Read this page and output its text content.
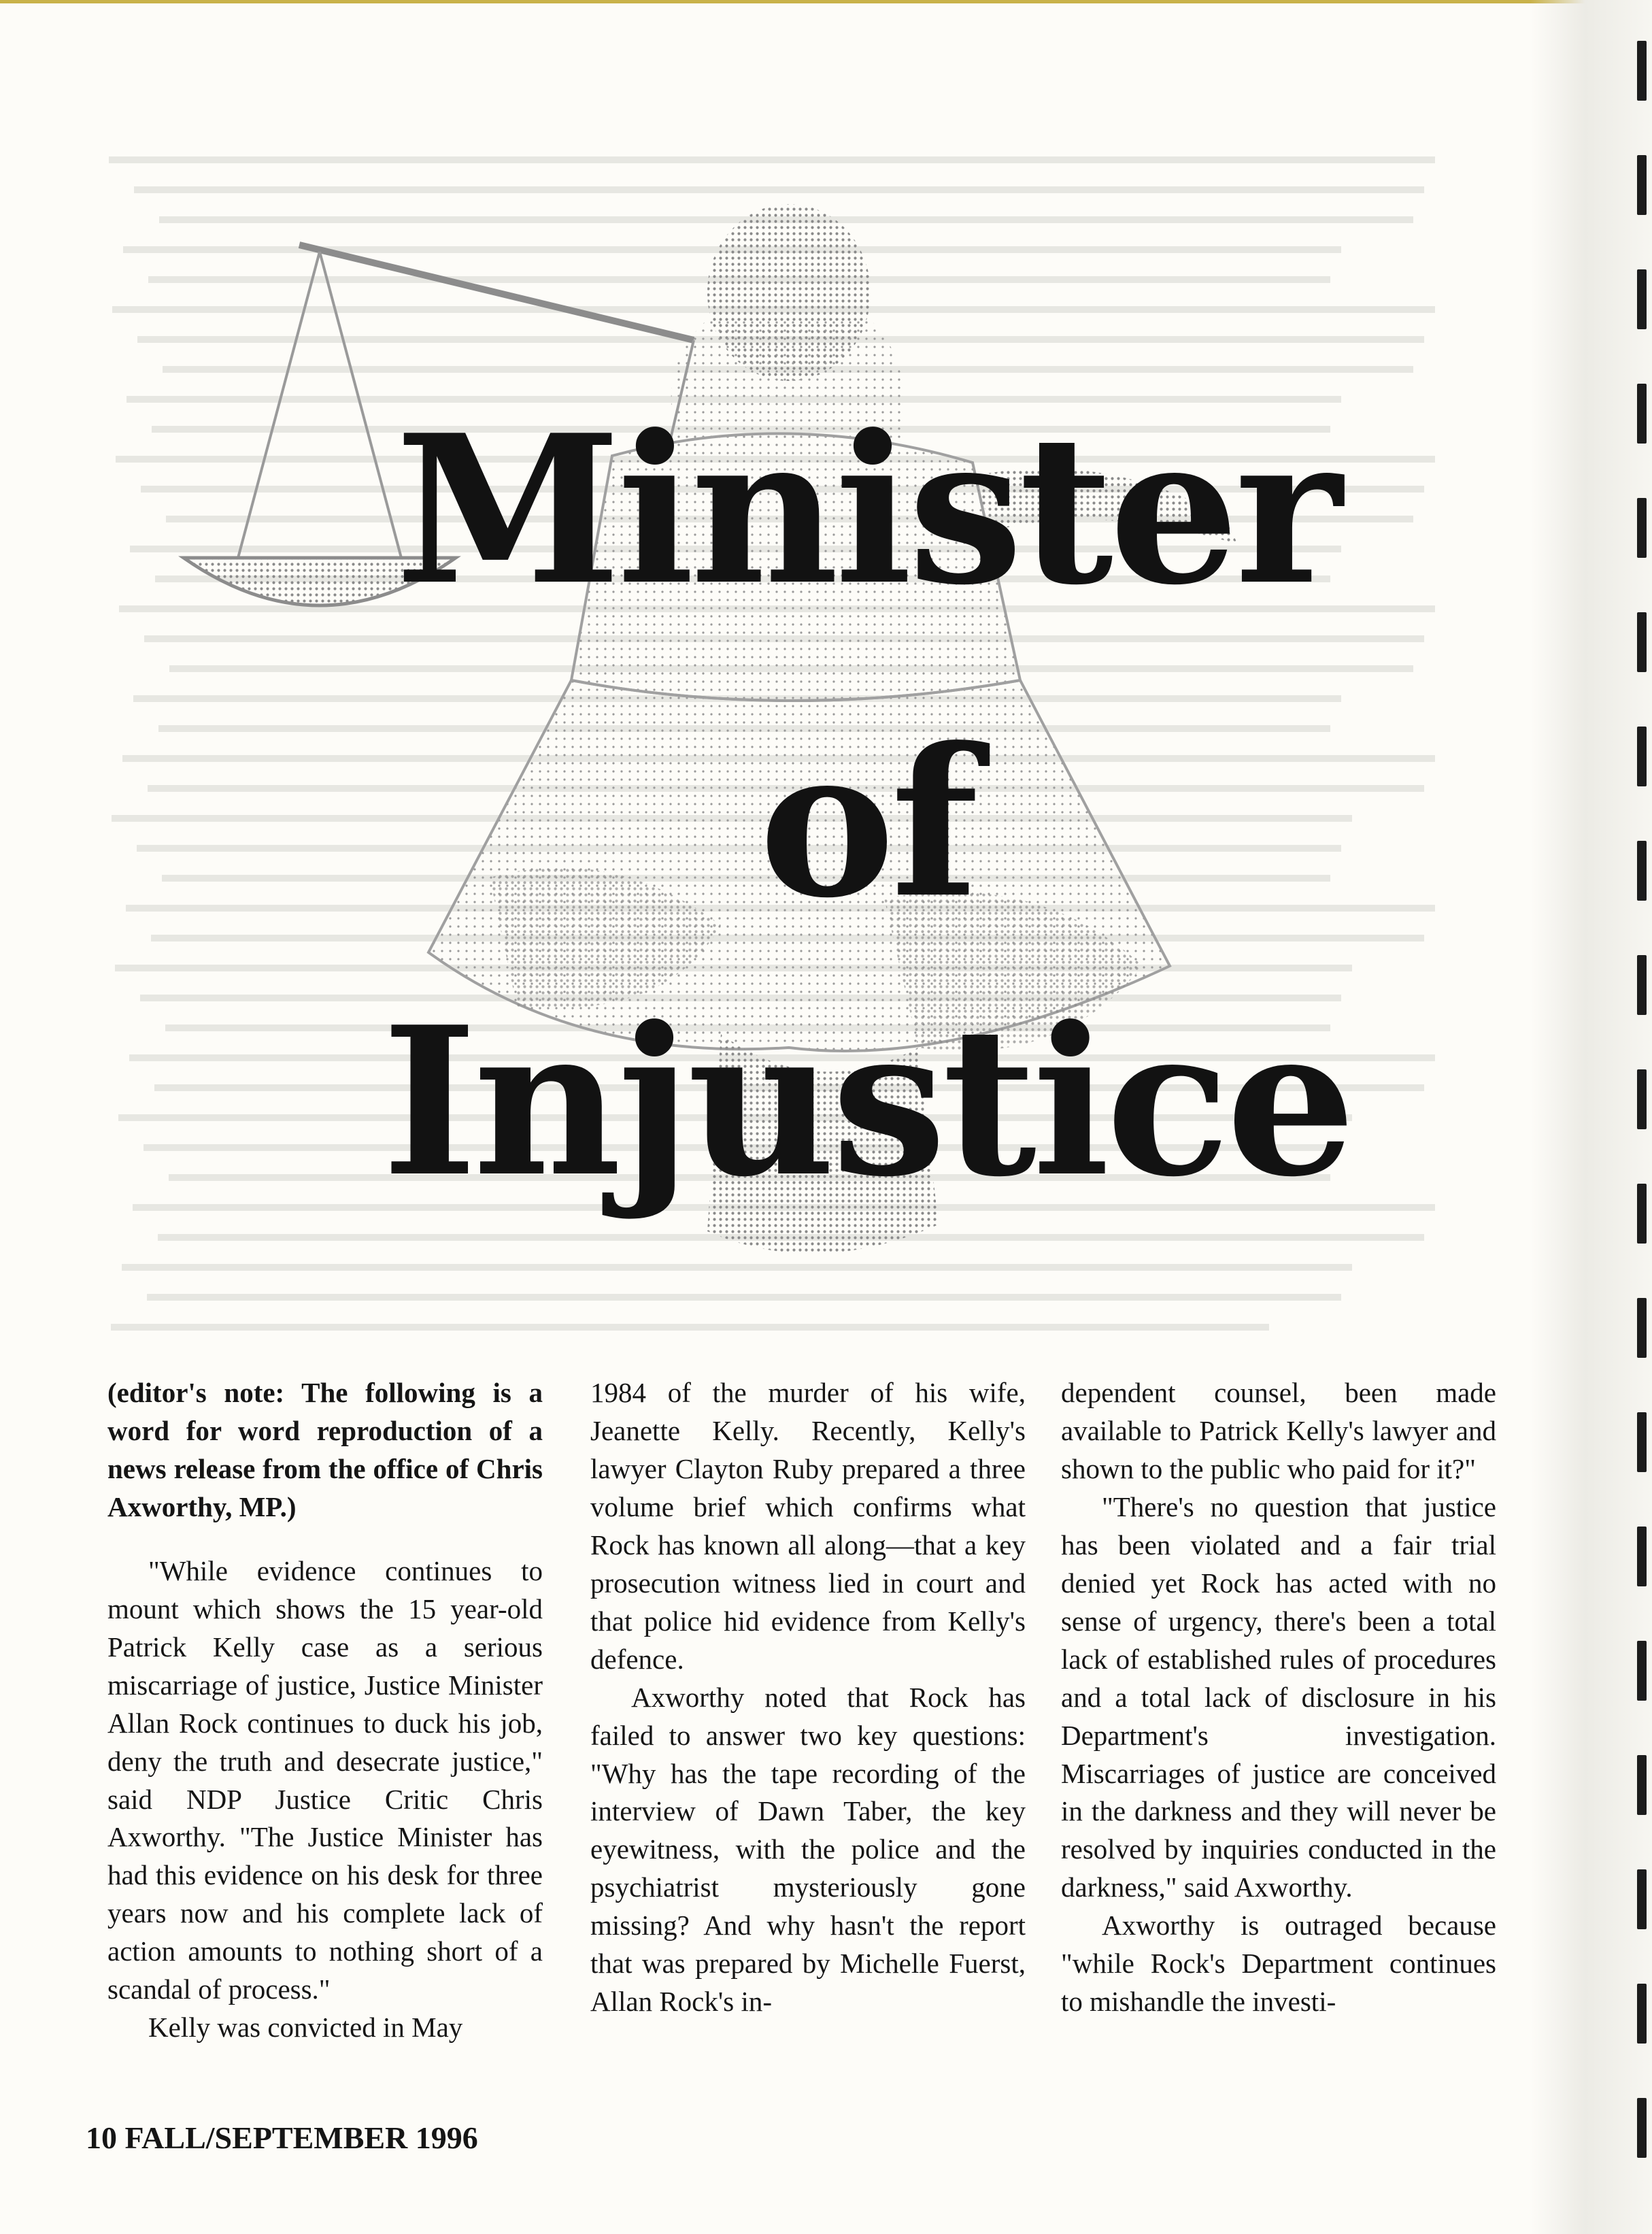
Minister
of
Injustice

(editor's note: The following is a word for word reproduction of a news release from the office of Chris Axworthy, MP.)

"While evidence continues to mount which shows the 15 year-old Patrick Kelly case as a serious miscarriage of justice, Justice Minister Allan Rock continues to duck his job, deny the truth and desecrate justice," said NDP Justice Critic Chris Axworthy. "The Justice Minister has had this evidence on his desk for three years now and his complete lack of action amounts to nothing short of a scandal of process."

Kelly was convicted in May

1984 of the murder of his wife, Jeanette Kelly. Recently, Kelly's lawyer Clayton Ruby prepared a three volume brief which confirms what Rock has known all along—that a key prosecution witness lied in court and that police hid evidence from Kelly's defence.

Axworthy noted that Rock has failed to answer two key questions: "Why has the tape recording of the interview of Dawn Taber, the key eyewitness, with the police and the psychiatrist mysteriously gone missing? And why hasn't the report that was prepared by Michelle Fuerst, Allan Rock's in-

dependent counsel, been made available to Patrick Kelly's lawyer and shown to the public who paid for it?"

"There's no question that justice has been violated and a fair trial denied yet Rock has acted with no sense of urgency, there's been a total lack of established rules of procedures and a total lack of disclosure in his Department's investigation. Miscarriages of justice are conceived in the darkness and they will never be resolved by inquiries conducted in the darkness," said Axworthy.

Axworthy is outraged because "while Rock's Department continues to mishandle the investi-

10 FALL/SEPTEMBER 1996
